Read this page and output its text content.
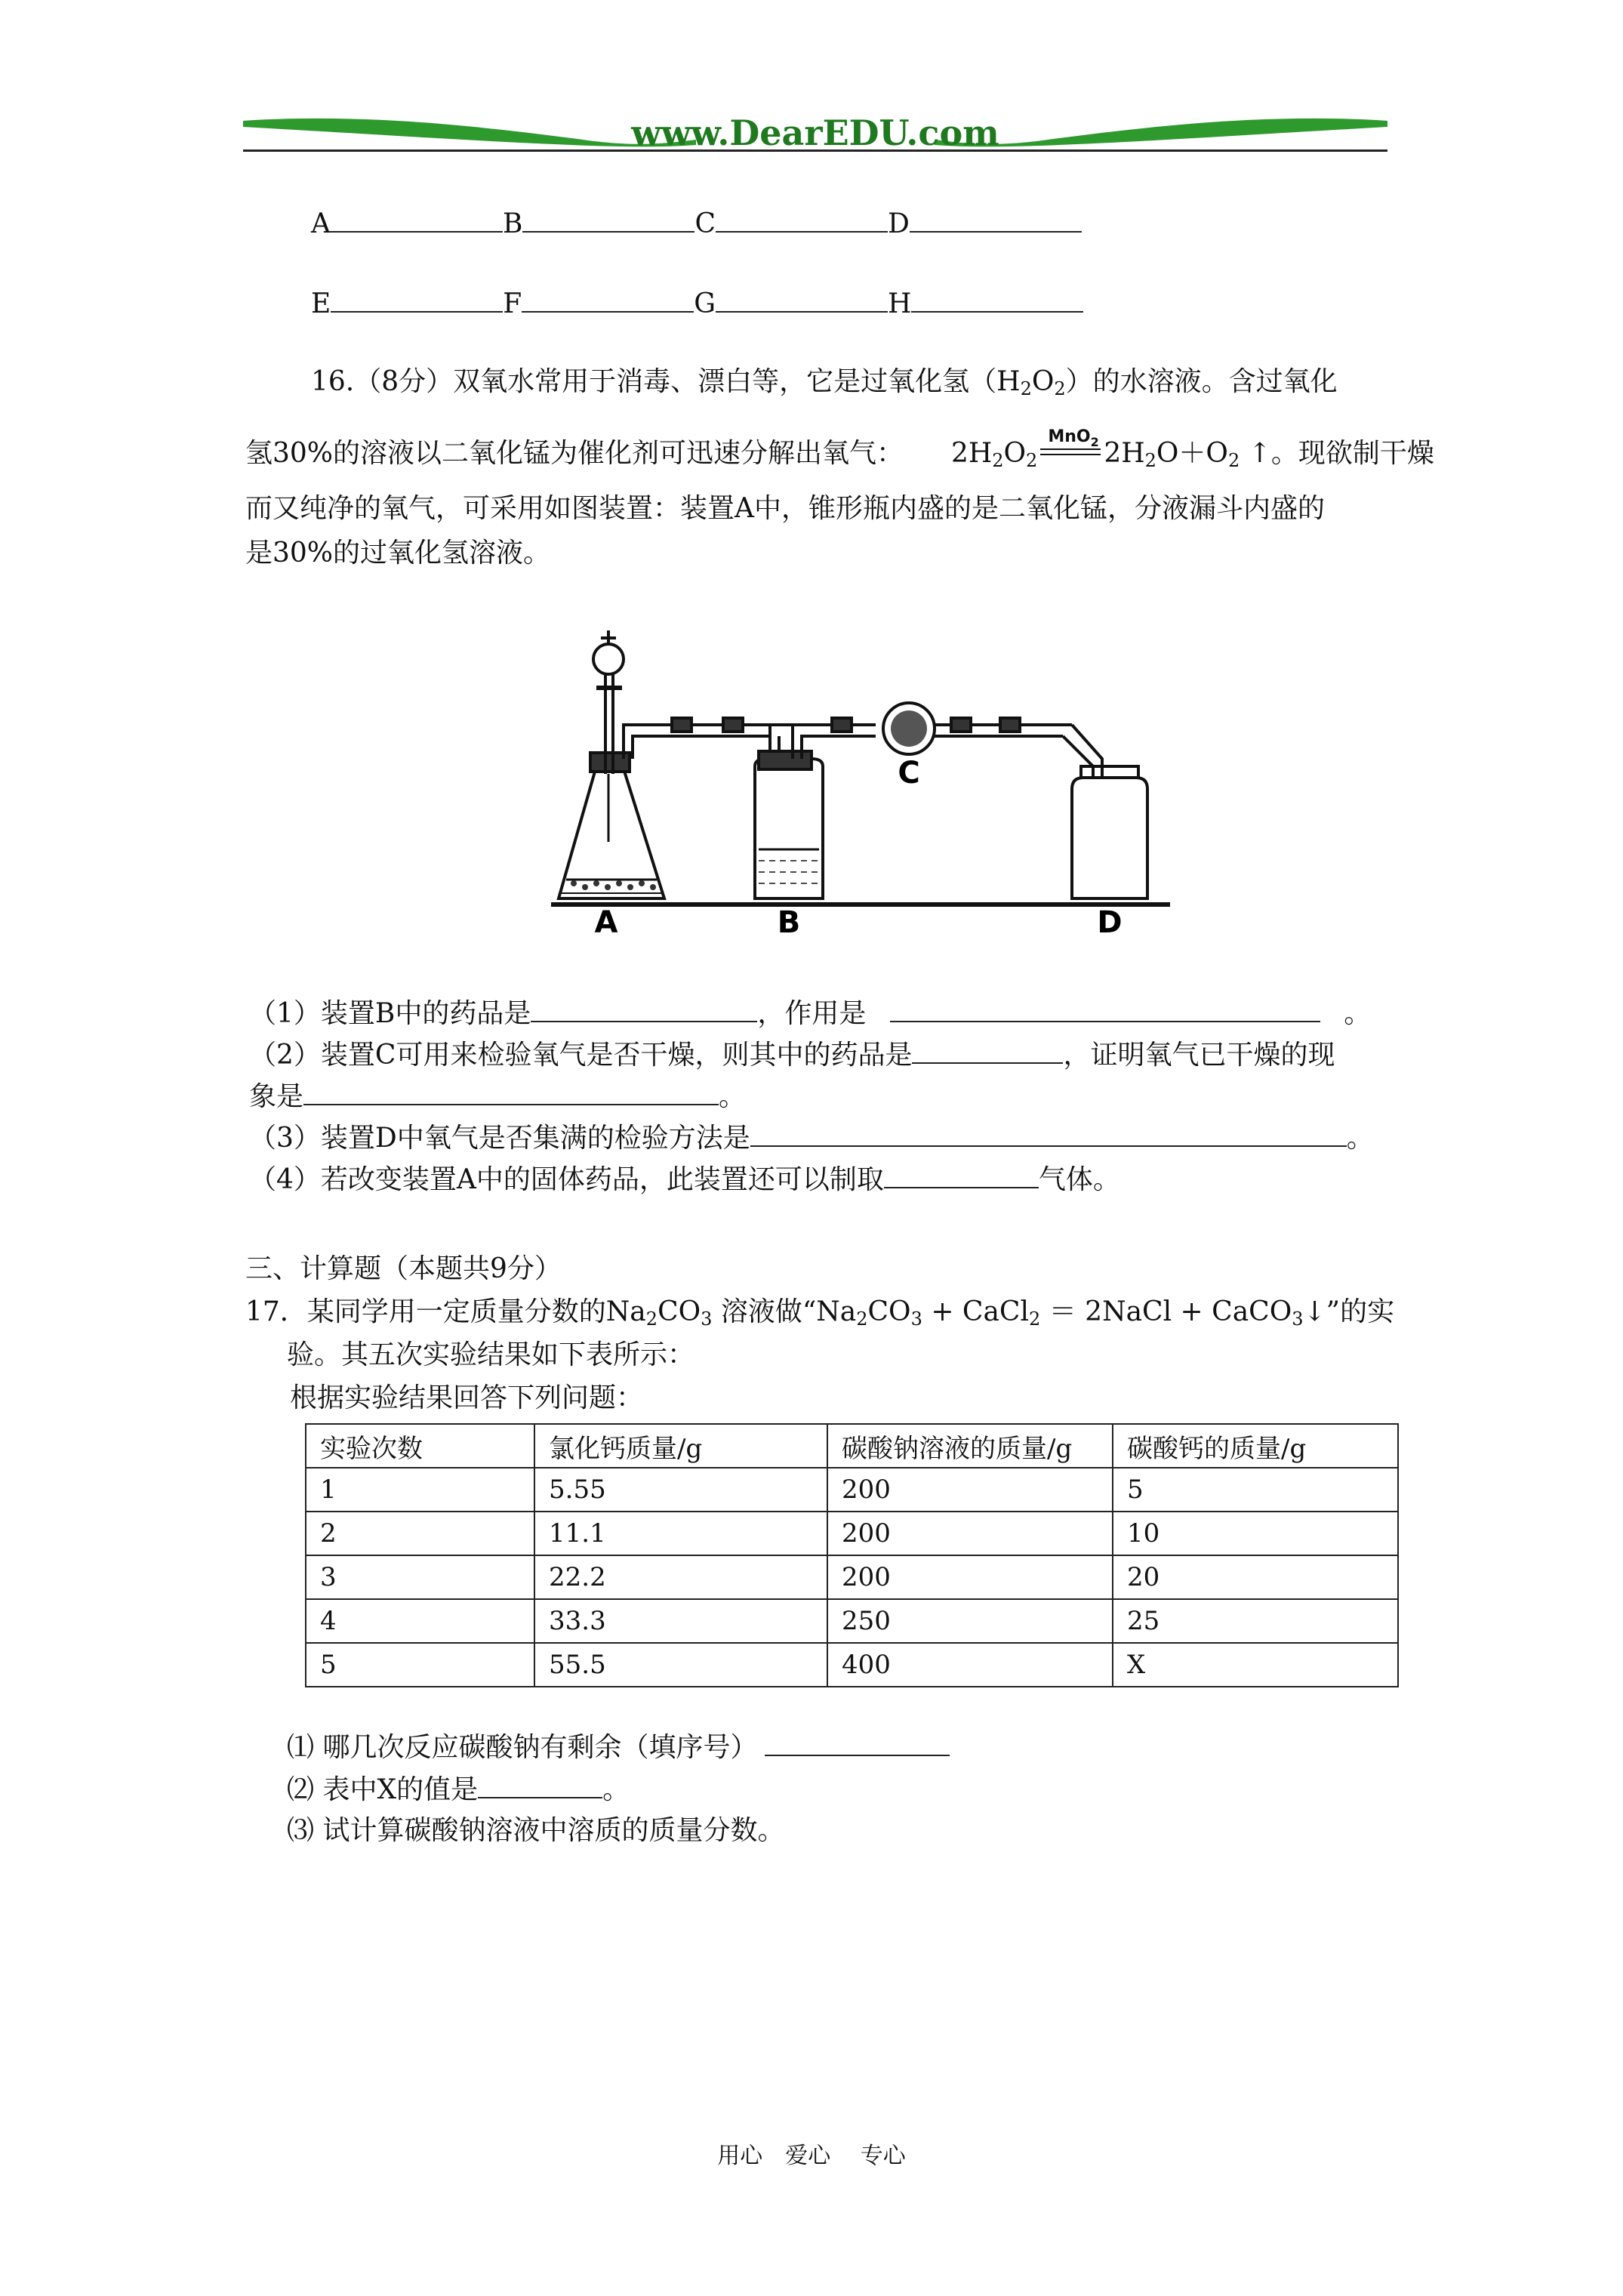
www.DearEDU.com
A	B	C	D
E	F	G	H
16.（8分）双氧水常用于消毒、漂白等，它是过氧化氢$(H_2O_2)$的水溶液。含过氧化
氢30%的溶液以二氧化锰为催化剂可迅速分解出氧气： $2H_2O_2$
MnO$_2$ $2H_2O+O_2$ ↑。现欲制干燥
而又纯净的氧气，可采用如图装置：装置A中，锥形瓶内盛的是二氧化锰，分液漏斗内盛的
是30%的过氧化氢溶液。
A	B
C
D
（1）装置B中的药品是	，作用是	。
（2）装置C可用来检验氧气是否干燥，则其中的药品是	，证明氧气已干燥的现
象是	。
（3）装置D中氧气是否集满的检验方法是	。
（4）若改变装置A中的固体药品，此装置还可以制取	气体。
三、计算题（本题共9分）
17．某同学用一定质量分数的$Na_2CO_3$ 溶液做“$Na_2CO_3$ + CaCl$_2$ ＝ 2NaCl + CaCO$_3$↓”的实
验。其五次实验结果如下表所示：
根据实验结果回答下列问题：
实验次数	氯化钙质量/g	碳酸钠溶液的质量/g	碳酸钙的质量/g
1	5.55	200	5
2	11.1	200	10
3	22.2	200	20
4	33.3	250	25
5	55.5	400	X
⑴ 哪几次反应碳酸钠有剩余（填序号）
⑵ 表中X的值是	。
⑶ 试计算碳酸钠溶液中溶质的质量分数。
用心　爱心　 专心
